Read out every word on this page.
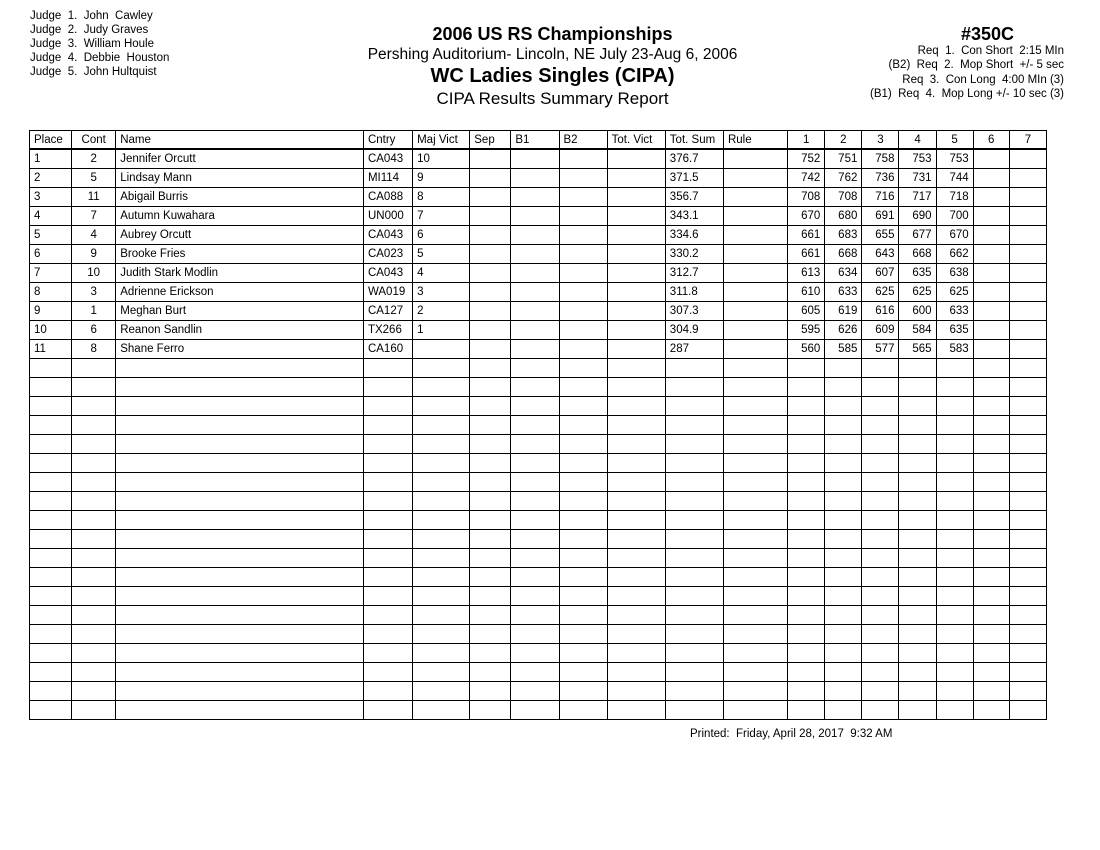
Judge  1.  John  Cawley
Judge  2.  Judy Graves
Judge  3.  William Houle
Judge  4.  Debbie  Houston
Judge  5.  John Hultquist
2006 US RS Championships
Pershing Auditorium- Lincoln, NE July 23-Aug 6, 2006
WC Ladies Singles (CIPA)
CIPA Results Summary Report
#350C
Req  1.  Con Short  2:15 MIn
(B2)  Req  2.  Mop Short  +/- 5 sec
Req  3.  Con Long  4:00 MIn (3)
(B1)  Req  4.  Mop Long +/- 10 sec (3)
Place	Cont	Name	Cntry	Maj Vict	Sep	B1	B2	Tot. Vict	Tot. Sum	Rule	1	2	3	4	5	6	7
1	2	Jennifer Orcutt	CA043	10					376.7		752	751	758	753	753		
2	5	Lindsay Mann	MI114	9					371.5		742	762	736	731	744		
3	11	Abigail Burris	CA088	8					356.7		708	708	716	717	718		
4	7	Autumn Kuwahara	UN000	7					343.1		670	680	691	690	700		
5	4	Aubrey Orcutt	CA043	6					334.6		661	683	655	677	670		
6	9	Brooke Fries	CA023	5					330.2		661	668	643	668	662		
7	10	Judith Stark Modlin	CA043	4					312.7		613	634	607	635	638		
8	3	Adrienne Erickson	WA019	3					311.8		610	633	625	625	625		
9	1	Meghan Burt	CA127	2					307.3		605	619	616	600	633		
10	6	Reanon Sandlin	TX266	1					304.9		595	626	609	584	635		
11	8	Shane Ferro	CA160						287		560	585	577	565	583		

Printed:  Friday, April 28, 2017  9:32 AM
